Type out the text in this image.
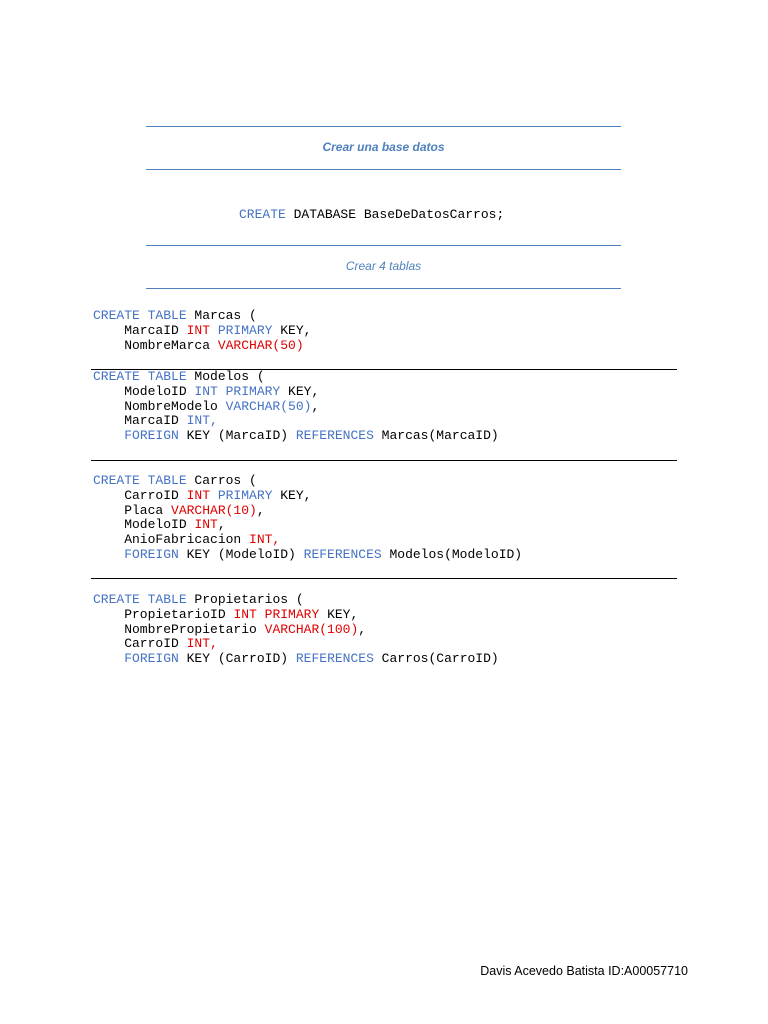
Crear una base datos
CREATE DATABASE BaseDeDatosCarros;
Crear 4 tablas
CREATE TABLE Marcas (
MarcaID INT PRIMARY KEY,
NombreMarca VARCHAR(50)
CREATE TABLE Modelos (
ModeloID INT PRIMARY KEY,
NombreModelo VARCHAR(50),
MarcaID INT,
FOREIGN KEY (MarcaID) REFERENCES Marcas(MarcaID)
CREATE TABLE Carros (
CarroID INT PRIMARY KEY,
Placa VARCHAR(10),
ModeloID INT,
AnioFabricacion INT,
FOREIGN KEY (ModeloID) REFERENCES Modelos(ModeloID)
CREATE TABLE Propietarios (
PropietarioID INT PRIMARY KEY,
NombrePropietario VARCHAR(100),
CarroID INT,
FOREIGN KEY (CarroID) REFERENCES Carros(CarroID)
Davis Acevedo Batista ID:A00057710
